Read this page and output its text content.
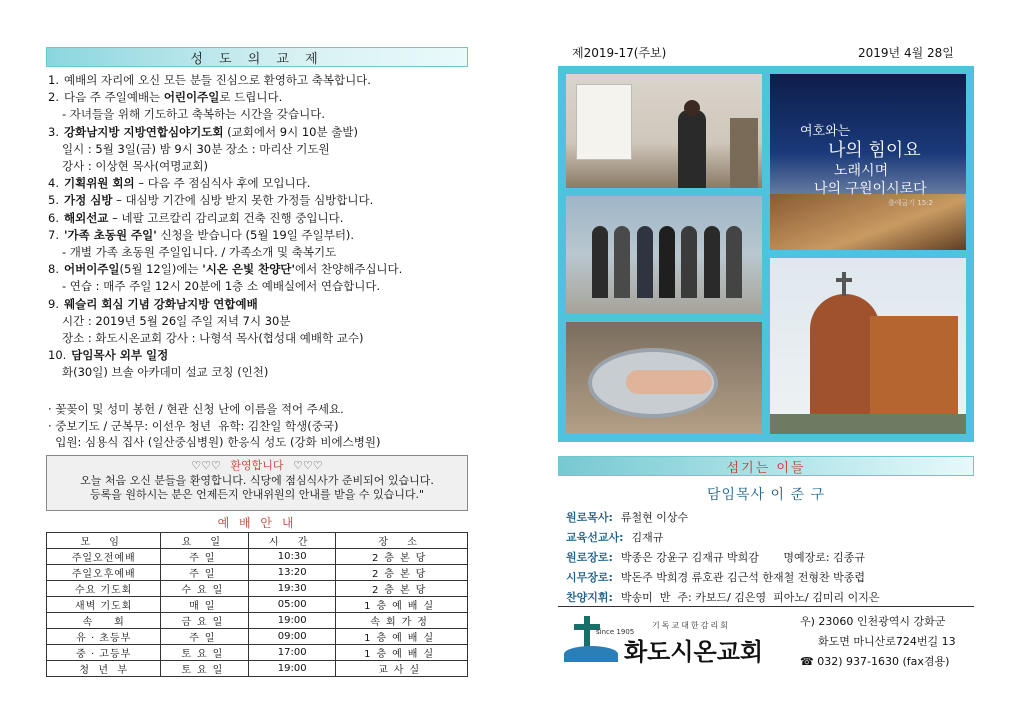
성 도 의 교 제
1. 예배의 자리에 오신 모든 분들 진심으로 환영하고 축복합니다.
2. 다음 주 주일예배는 어린이주일로 드립니다.
- 자녀들을 위해 기도하고 축복하는 시간을 갖습니다.
3. 강화남지방 지방연합심야기도회 (교회에서 9시 10분 출발)
일시 : 5월 3일(금) 밤 9시 30분 장소 : 마리산 기도원
강사 : 이상현 목사(여명교회)
4. 기획위원 회의 – 다음 주 점심식사 후에 모입니다.
5. 가정 심방 – 대심방 기간에 심방 받지 못한 가정들 심방합니다.
6. 해외선교 – 네팔 고르칼리 감리교회 건축 진행 중입니다.
7. '가족 초동원 주일' 신청을 받습니다 (5월 19일 주일부터).
- 개별 가족 초동원 주일입니다. / 가족소개 및 축복기도
8. 어버이주일(5월 12일)에는 '시온 은빛 찬양단'에서 찬양해주십니다.
- 연습 : 매주 주일 12시 20분에 1층 소 예배실에서 연습합니다.
9. 웨슬리 회심 기념 강화남지방 연합예배
시간 : 2019년 5월 26일 주일 저녁 7시 30분
장소 : 화도시온교회 강사 : 나형석 목사(협성대 예배학 교수)
10. 담임목사 외부 일정
화(30일) 브솔 아카데미 설교 코칭 (인천)
· 꽃꽂이 및 성미 봉헌 / 현관 신청 난에 이름을 적어 주세요.
· 중보기도 / 군복무: 이선우 청년  유학: 김찬일 학생(중국)
입원: 심용식 집사 (일산중심병원) 한응식 성도 (강화 비에스병원)
♡♡♡ 환영합니다 ♡♡♡
오늘 처음 오신 분들을 환영합니다. 식당에 점심식사가 준비되어 있습니다.
등록을 원하시는 분은 언제든지 안내위원의 안내를 받을 수 있습니다."
예 배 안 내
모 임	요 일	시 간	장 소
주일오전예배	주일	10:30	2층본당
주일오후예배	주일	13:20	2층본당
수요 기도회	수요일	19:30	2층본당
새벽 기도회	매일	05:00	1층예배실
속     회	금요일	19:00	속회가정
유 · 초등부	주일	09:00	1층예배실
중 · 고등부	토요일	17:00	1층예배실
청  년  부	토요일	19:00	교사실
제2019-17(주보)	2019년 4월 28일
여호와는
나의 힘이요
노래시며
나의 구원이시로다
출애굽기 15:2
섬기는 이들
담임목사 이 준 구
원로목사: 류철현 이상수
교육선교사: 김재규
원로장로: 박종은 강윤구 김재규 박희감       명예장로: 김종규
시무장로: 박돈주 박희경 류호관 김근석 한재철 전형찬 박종렵
찬양지휘: 박송미  반  주: 카보드/ 김은영  피아노/ 김미리 이지은
since 1905
기독교대한감리회
화도시온교회
우) 23060 인천광역시 강화군
화도면 마니산로724번길 13
☎ 032) 937-1630 (fax겸용)
